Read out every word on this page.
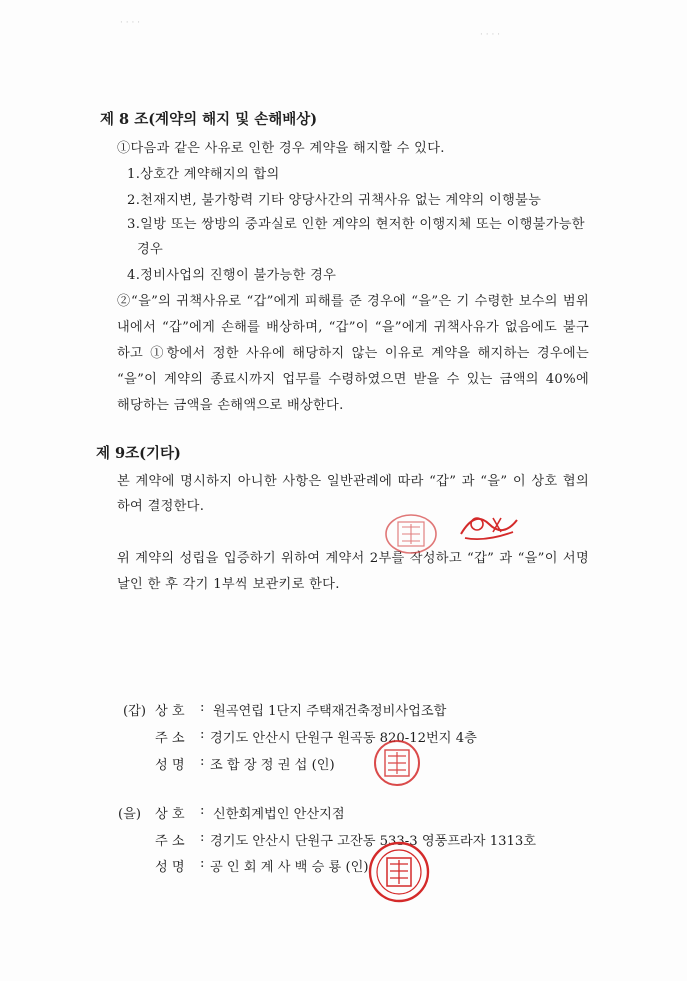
· · · ·
· · · ·
제 8 조(계약의 해지 및 손해배상)
①다음과 같은 사유로 인한 경우 계약을 해지할 수 있다.
1.상호간 계약해지의 합의
2.천재지변, 불가항력 기타 양당사간의 귀책사유 없는 계약의 이행불능
3.일방 또는 쌍방의 중과실로 인한 계약의 현저한 이행지체 또는 이행불가능한
경우
4.정비사업의 진행이 불가능한 경우
②“을”의 귀책사유로 “갑”에게 피해를 준 경우에 “을”은 기 수령한 보수의 범위
내에서 “갑”에게 손해를 배상하며, “갑”이 “을”에게 귀책사유가 없음에도 불구
하고 ①항에서 정한 사유에 해당하지 않는 이유로 계약을 해지하는 경우에는
“을”이 계약의 종료시까지 업무를 수령하였으면 받을 수 있는 금액의 40%에
해당하는 금액을 손해액으로 배상한다.
제 9조(기타)
본 계약에 명시하지 아니한 사항은 일반관례에 따라 “갑” 과 “을” 이 상호 협의
하여 결정한다.
위 계약의 성립을 입증하기 위하여 계약서 2부를 작성하고 “갑” 과 “을”이 서명
날인 한 후 각기 1부씩 보관키로 한다.
(갑) 상 호 : 원곡연립 1단지 주택재건축정비사업조합
주 소 : 경기도 안산시 단원구 원곡동 820-12번지 4층
성 명 : 조 합 장 정 권 섭 (인)
(을) 상 호 : 신한회계법인 안산지점
주 소 : 경기도 안산시 단원구 고잔동 533-3 영풍프라자 1313호
성 명 : 공 인 회 계 사 백 승 룡 (인)
